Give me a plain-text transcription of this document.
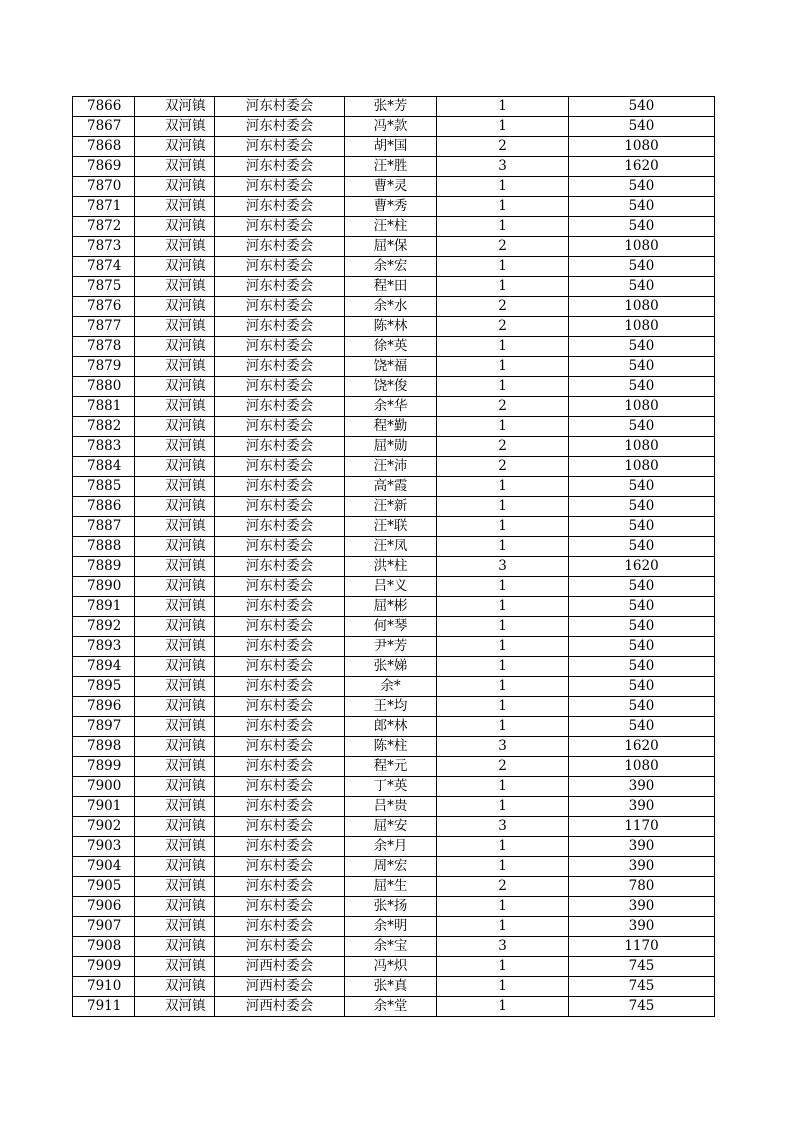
7866	双河镇	河东村委会	张*芳	1	540
7867	双河镇	河东村委会	冯*款	1	540
7868	双河镇	河东村委会	胡*国	2	1080
7869	双河镇	河东村委会	汪*胜	3	1620
7870	双河镇	河东村委会	曹*灵	1	540
7871	双河镇	河东村委会	曹*秀	1	540
7872	双河镇	河东村委会	汪*柱	1	540
7873	双河镇	河东村委会	屈*保	2	1080
7874	双河镇	河东村委会	余*宏	1	540
7875	双河镇	河东村委会	程*田	1	540
7876	双河镇	河东村委会	余*水	2	1080
7877	双河镇	河东村委会	陈*林	2	1080
7878	双河镇	河东村委会	徐*英	1	540
7879	双河镇	河东村委会	饶*福	1	540
7880	双河镇	河东村委会	饶*俊	1	540
7881	双河镇	河东村委会	余*华	2	1080
7882	双河镇	河东村委会	程*勤	1	540
7883	双河镇	河东村委会	屈*勋	2	1080
7884	双河镇	河东村委会	汪*沛	2	1080
7885	双河镇	河东村委会	高*霞	1	540
7886	双河镇	河东村委会	汪*新	1	540
7887	双河镇	河东村委会	汪*联	1	540
7888	双河镇	河东村委会	汪*凤	1	540
7889	双河镇	河东村委会	洪*柱	3	1620
7890	双河镇	河东村委会	吕*义	1	540
7891	双河镇	河东村委会	屈*彬	1	540
7892	双河镇	河东村委会	何*琴	1	540
7893	双河镇	河东村委会	尹*芳	1	540
7894	双河镇	河东村委会	张*娣	1	540
7895	双河镇	河东村委会	余*	1	540
7896	双河镇	河东村委会	王*均	1	540
7897	双河镇	河东村委会	郎*林	1	540
7898	双河镇	河东村委会	陈*柱	3	1620
7899	双河镇	河东村委会	程*元	2	1080
7900	双河镇	河东村委会	丁*英	1	390
7901	双河镇	河东村委会	吕*贵	1	390
7902	双河镇	河东村委会	屈*安	3	1170
7903	双河镇	河东村委会	余*月	1	390
7904	双河镇	河东村委会	周*宏	1	390
7905	双河镇	河东村委会	屈*生	2	780
7906	双河镇	河东村委会	张*扬	1	390
7907	双河镇	河东村委会	余*明	1	390
7908	双河镇	河东村委会	余*宝	3	1170
7909	双河镇	河西村委会	冯*炽	1	745
7910	双河镇	河西村委会	张*真	1	745
7911	双河镇	河西村委会	余*堂	1	745
